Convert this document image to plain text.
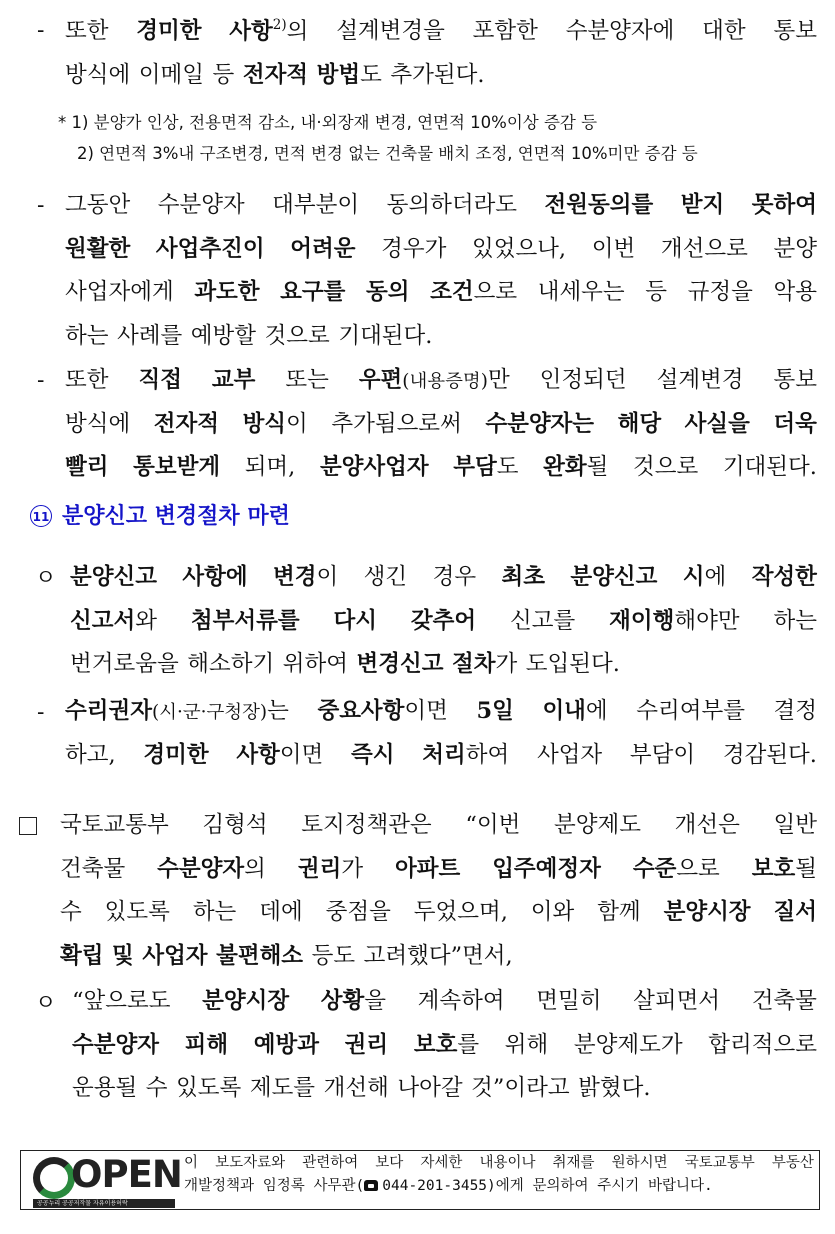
- 또한 경미한 사항$^{2)}$의 설계변경을 포함한 수분양자에 대한 통보
방식에 이메일 등 전자적 방법도 추가된다.
* 1) 분양가 인상, 전용면적 감소, 내·외장재 변경, 연면적 10%이상 증감 등
2) 연면적 3%내 구조변경, 면적 변경 없는 건축물 배치 조정, 연면적 10%미만 증감 등
- 그동안 수분양자 대부분이 동의하더라도 전원동의를 받지 못하여
원활한 사업추진이 어려운 경우가 있었으나, 이번 개선으로 분양
사업자에게 과도한 요구를 동의 조건으로 내세우는 등 규정을 악용
하는 사례를 예방할 것으로 기대된다.
- 또한 직접 교부 또는 우편(내용증명)만 인정되던 설계변경 통보
방식에 전자적 방식이 추가됨으로써 수분양자는 해당 사실을 더욱
빨리 통보받게 되며, 분양사업자 부담도 완화될 것으로 기대된다.
11 분양신고 변경절차 마련
ㅇ 분양신고 사항에 변경이 생긴 경우 최초 분양신고 시에 작성한
신고서와 첨부서류를 다시 갖추어 신고를 재이행해야만 하는
번거로움을 해소하기 위하여 변경신고 절차가 도입된다.
- 수리권자(시·군·구청장)는 중요사항이면 5일 이내에 수리여부를 결정
하고, 경미한 사항이면 즉시 처리하여 사업자 부담이 경감된다.
국토교통부 김형석 토지정책관은 “이번 분양제도 개선은 일반
건축물 수분양자의 권리가 아파트 입주예정자 수준으로 보호될
수 있도록 하는 데에 중점을 두었으며, 이와 함께 분양시장 질서
확립 및 사업자 불편해소 등도 고려했다”면서,
ㅇ “앞으로도 분양시장 상황을 계속하여 면밀히 살피면서 건축물
수분양자 피해 예방과 권리 보호를 위해 분양제도가 합리적으로
운용될 수 있도록 제도를 개선해 나아갈 것”이라고 밝혔다.
OPEN
공공누리 공공저작물 자유이용허락
이 보도자료와 관련하여 보다 자세한 내용이나 취재를 원하시면 국토교통부 부동산
개발정책과 임정록 사무관( 044-201-3455)에게 문의하여 주시기 바랍니다.
